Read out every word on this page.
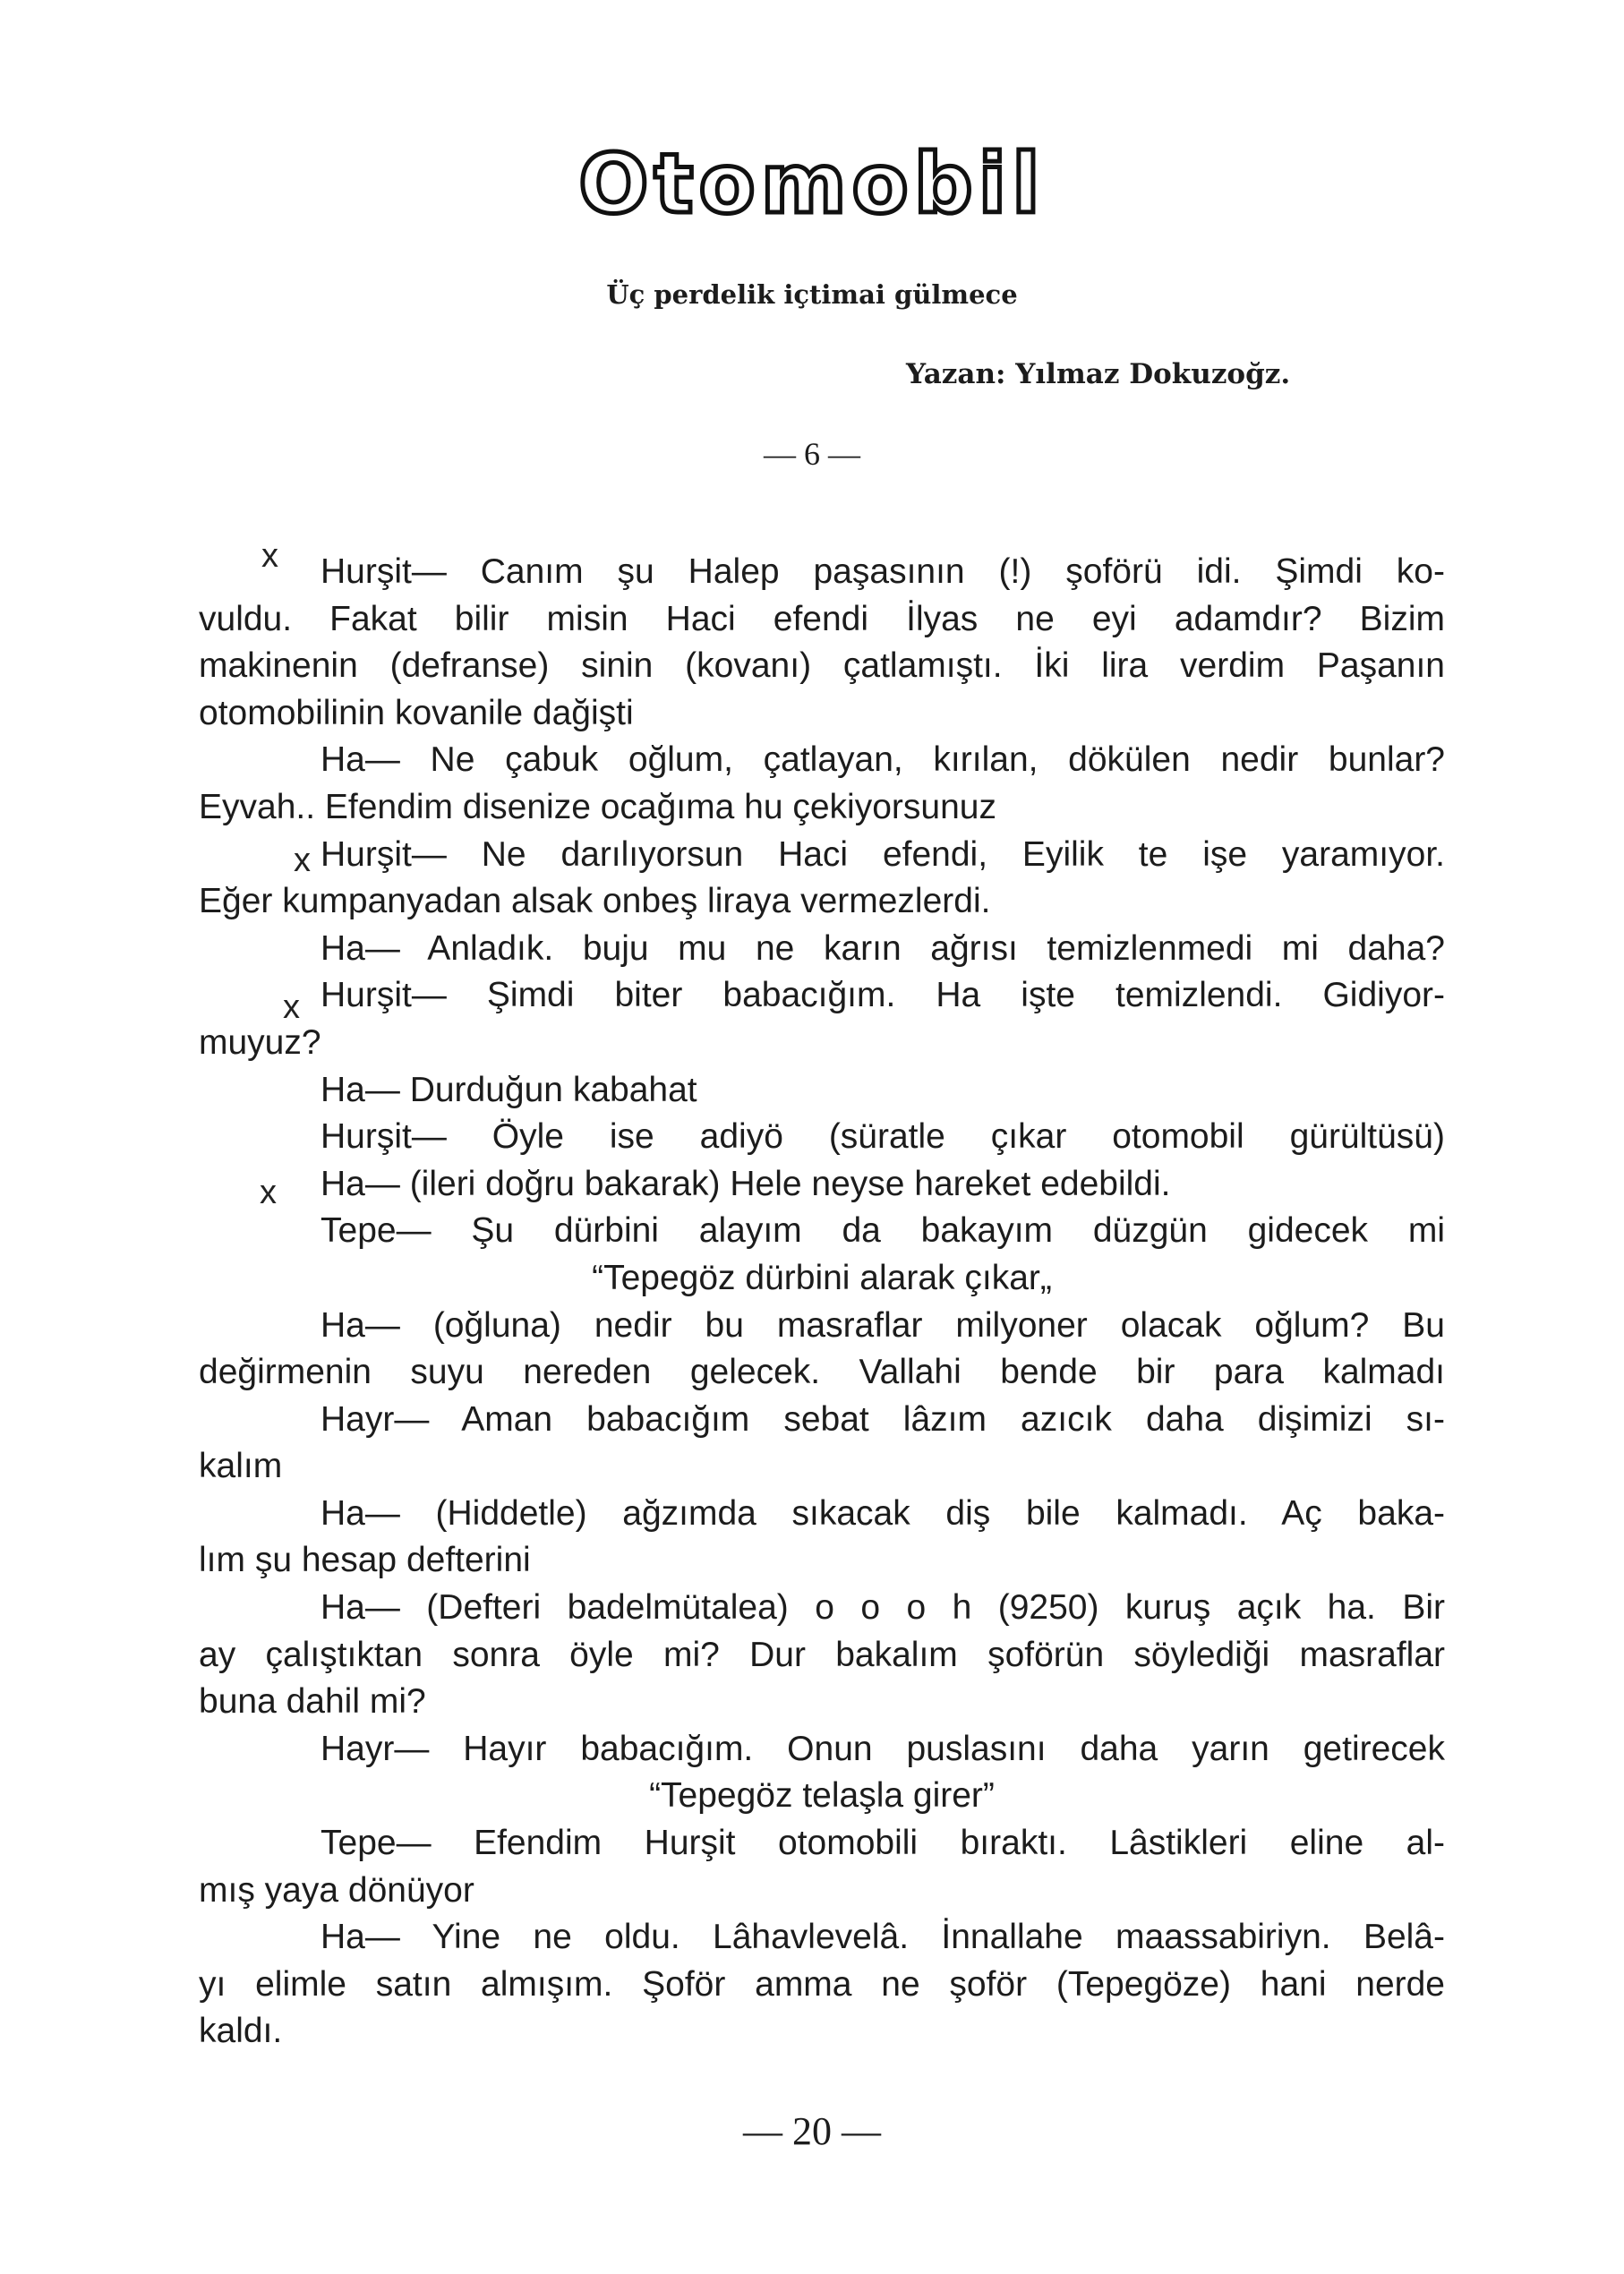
Otomobil
Üç perdelik içtimai gülmece
Yazan: Yılmaz Dokuzoğz.
— 6 —
x
x
x
x
Hurşit— Canım şu Halep paşasının (!) şoförü idi. Şimdi ko-
vuldu. Fakat bilir misin Haci efendi İlyas ne eyi adamdır? Bizim
makinenin (defranse) sinin (kovanı) çatlamıştı. İki lira verdim Paşanın
otomobilinin kovanile dağişti
Ha— Ne çabuk oğlum, çatlayan, kırılan, dökülen nedir bunlar?
Eyvah.. Efendim disenize ocağıma hu çekiyorsunuz
Hurşit— Ne darılıyorsun Haci efendi, Eyilik te işe yaramıyor.
Eğer kumpanyadan alsak onbeş liraya vermezlerdi.
Ha— Anladık. buju mu ne karın ağrısı temizlenmedi mi daha?
Hurşit— Şimdi biter babacığım. Ha işte temizlendi. Gidiyor-
muyuz?
Ha— Durduğun kabahat
Hurşit— Öyle ise adiyö (süratle çıkar otomobil gürültüsü)
Ha— (ileri doğru bakarak) Hele neyse hareket edebildi.
Tepe— Şu dürbini alayım da bakayım düzgün gidecek mi
“Tepegöz dürbini alarak çıkar„
Ha— (oğluna) nedir bu masraflar milyoner olacak oğlum? Bu
değirmenin suyu nereden gelecek. Vallahi bende bir para kalmadı
Hayr— Aman babacığım sebat lâzım azıcık daha dişimizi sı-
kalım
Ha— (Hiddetle) ağzımda sıkacak diş bile kalmadı. Aç baka-
lım şu hesap defterini
Ha— (Defteri badelmütalea) o o o h (9250) kuruş açık ha. Bir
ay çalıştıktan sonra öyle mi? Dur bakalım şoförün söylediği masraflar
buna dahil mi?
Hayr— Hayır babacığım. Onun puslasını daha yarın getirecek
“Tepegöz telaşla girer”
Tepe— Efendim Hurşit otomobili bıraktı. Lâstikleri eline al-
mış yaya dönüyor
Ha— Yine ne oldu. Lâhavlevelâ. İnnallahe maassabiriyn. Belâ-
yı elimle satın almışım. Şoför amma ne şoför (Tepegöze) hani nerde
kaldı.
— 20 —
